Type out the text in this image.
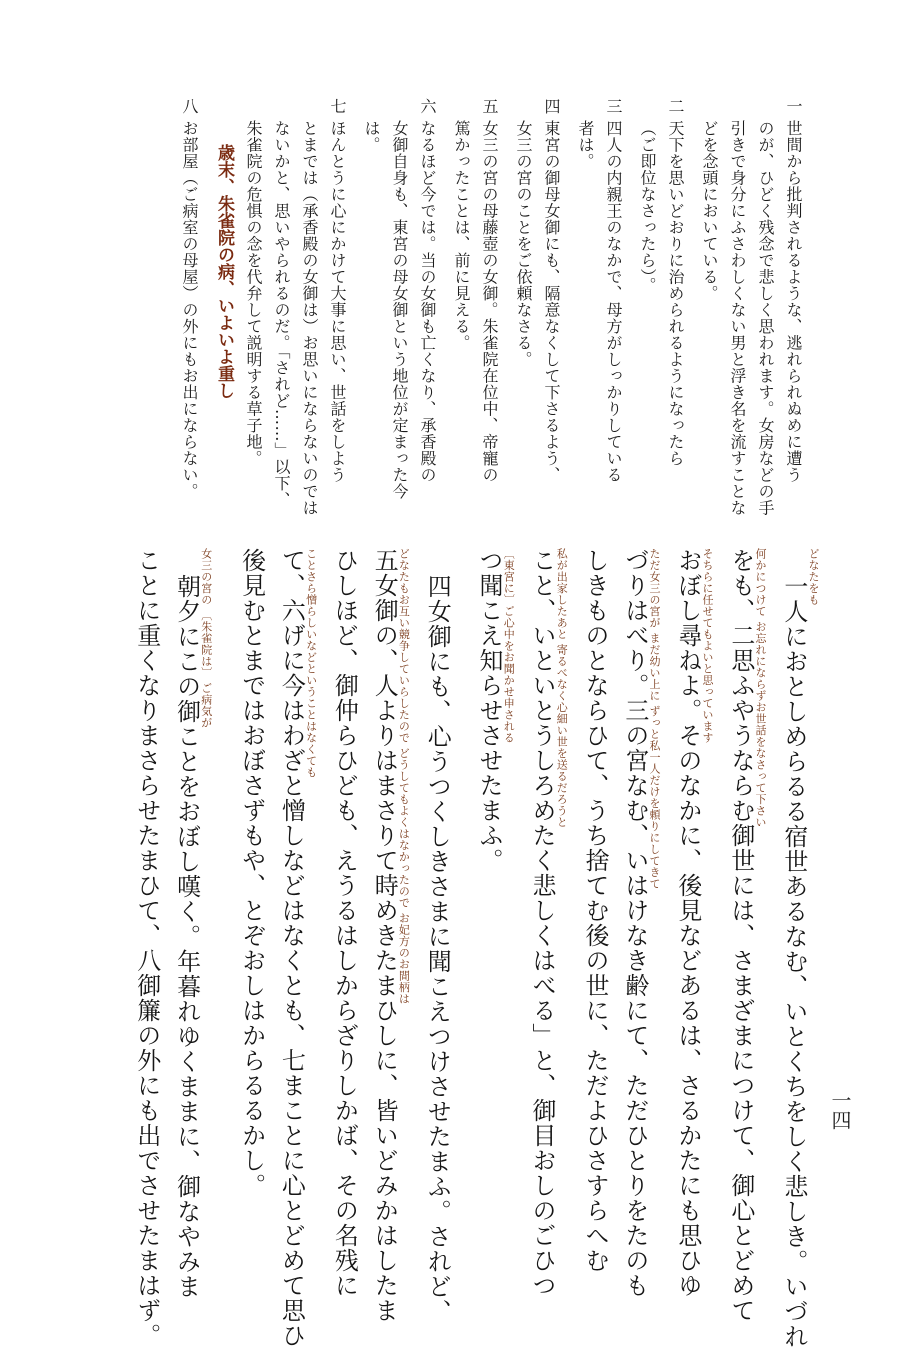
一四
一 世間から批判されるような、逃れられぬめに遭う
のが、ひどく残念で悲しく思われます。女房などの手
引きで身分にふさわしくない男と浮き名を流すことな
どを念頭においている。
二 天下を思いどおりに治められるようになったら
（ご即位なさったら）。
三 四人の内親王のなかで、母方がしっかりしている
者は。
四 東宮の御母女御にも、隔意なくして下さるよう、
女三の宮のことをご依頼なさる。
五 女三の宮の母藤壺の女御。朱雀院在位中、帝寵の
篤かったことは、前に見える。
六 なるほど今では。当の女御も亡くなり、承香殿の
女御自身も、東宮の母女御という地位が定まった今
は。
七 ほんとうに心にかけて大事に思い、世話をしよう
とまでは（承香殿の女御は）お思いにならないのでは
ないかと、思いやられるのだ。「されど……」以下、
朱雀院の危惧の念を代弁して説明する草子地。
歳末、朱雀院の病、いよいよ重し
八 お部屋（ご病室の母屋）の外にもお出にならない。
どなたをも
一人におとしめらるる宿世あるなむ、いとくちをしく悲しき。いづれ
何かにつけて お忘れにならずお世話をなさって下さい
をも、二思ふやうならむ御世には、さまざまにつけて、御心とどめて
そちらに任せてもよいと思っています
おぼし尋ねよ。そのなかに、後見などあるは、さるかたにも思ひゆ
ただ女三の宮が まだ幼い上に ずっと私一人だけを頼りにしてきて
づりはべり。三の宮なむ、いはけなき齢にて、ただひとりをたのも
しきものとならひて、うち捨てむ後の世に、ただよひさすらへむ
私が出家したあと 寄るべなく心細い世を送るだろうと
こと、いといとうしろめたく悲しくはべる」と、御目おしのごひつ
〔東宮に〕ご心中をお聞かせ申される
つ聞こえ知らせさせたまふ。
四女御にも、心うつくしきさまに聞こえつけさせたまふ。されど、
どなたもお互い競争していらしたので どうしてもよくはなかったので お妃方のお間柄は
五女御の、人よりはまさりて時めきたまひしに、皆いどみかはしたま
ひしほど、御仲らひども、えうるはしからざりしかば、その名残に
ことさら憎らしいなどということはなくても
て、六げに今はわざと憎しなどはなくとも、七まことに心とどめて思ひ
後見むとまではおぼさずもや、とぞおしはからるるかし。
女三の宮の 〔朱雀院は〕 ご病気が
朝夕にこの御ことをおぼし嘆く。年暮れゆくままに、御なやみま
ことに重くなりまさらせたまひて、八御簾の外にも出でさせたまはず。
